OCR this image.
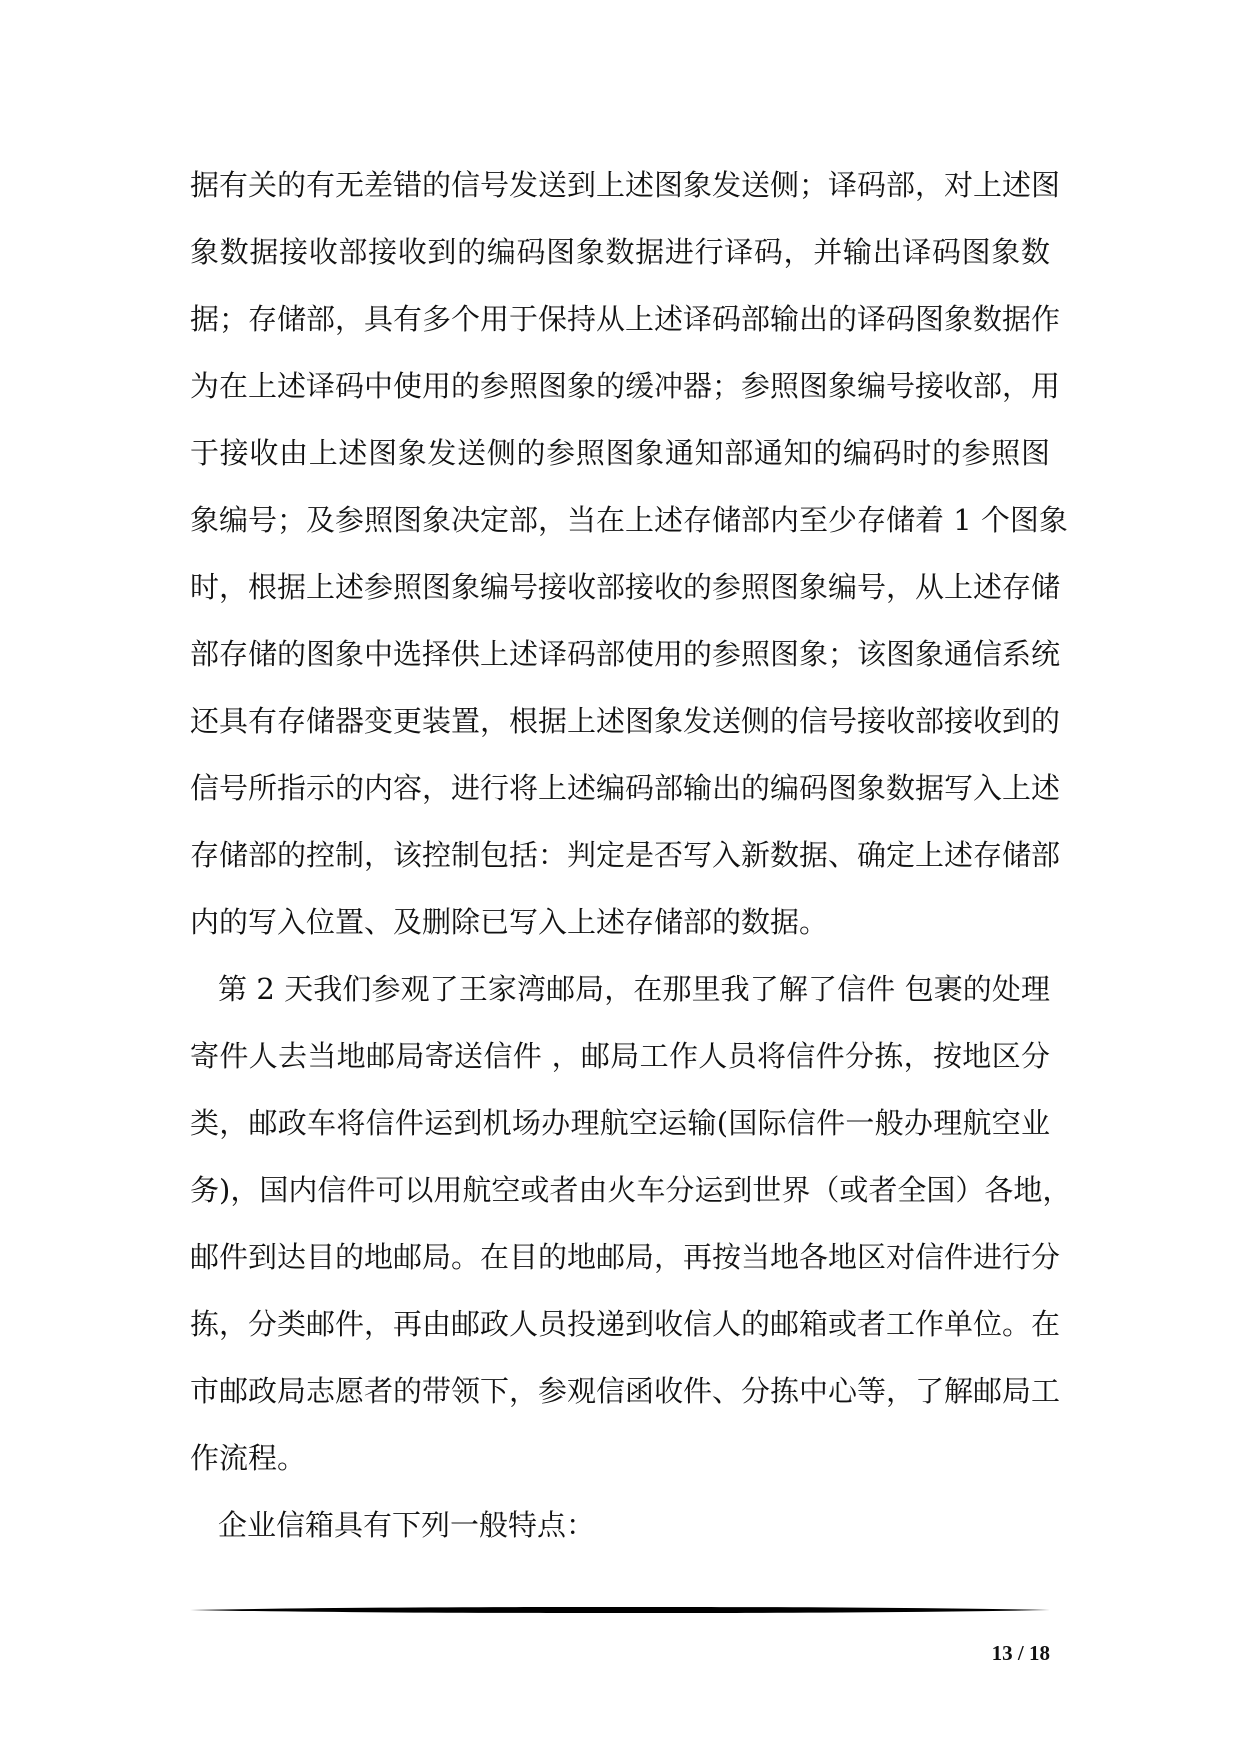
据有关的有无差错的信号发送到上述图象发送侧；译码部，对上述图
象数据接收部接收到的编码图象数据进行译码，并输出译码图象数
据；存储部，具有多个用于保持从上述译码部输出的译码图象数据作
为在上述译码中使用的参照图象的缓冲器；参照图象编号接收部，用
于接收由上述图象发送侧的参照图象通知部通知的编码时的参照图
象编号；及参照图象决定部，当在上述存储部内至少存储着 1 个图象
时，根据上述参照图象编号接收部接收的参照图象编号，从上述存储
部存储的图象中选择供上述译码部使用的参照图象；该图象通信系统
还具有存储器变更装置，根据上述图象发送侧的信号接收部接收到的
信号所指示的内容，进行将上述编码部输出的编码图象数据写入上述
存储部的控制，该控制包括：判定是否写入新数据、确定上述存储部
内的写入位置、及删除已写入上述存储部的数据。
第 2 天我们参观了王家湾邮局，在那里我了解了信件 包裹的处理
寄件人去当地邮局寄送信件 ，邮局工作人员将信件分拣，按地区分
类，邮政车将信件运到机场办理航空运输(国际信件一般办理航空业
务)，国内信件可以用航空或者由火车分运到世界（或者全国）各地，
邮件到达目的地邮局。在目的地邮局，再按当地各地区对信件进行分
拣，分类邮件，再由邮政人员投递到收信人的邮箱或者工作单位。在
市邮政局志愿者的带领下，参观信函收件、分拣中心等，了解邮局工
作流程。
企业信箱具有下列一般特点：
13 / 18
